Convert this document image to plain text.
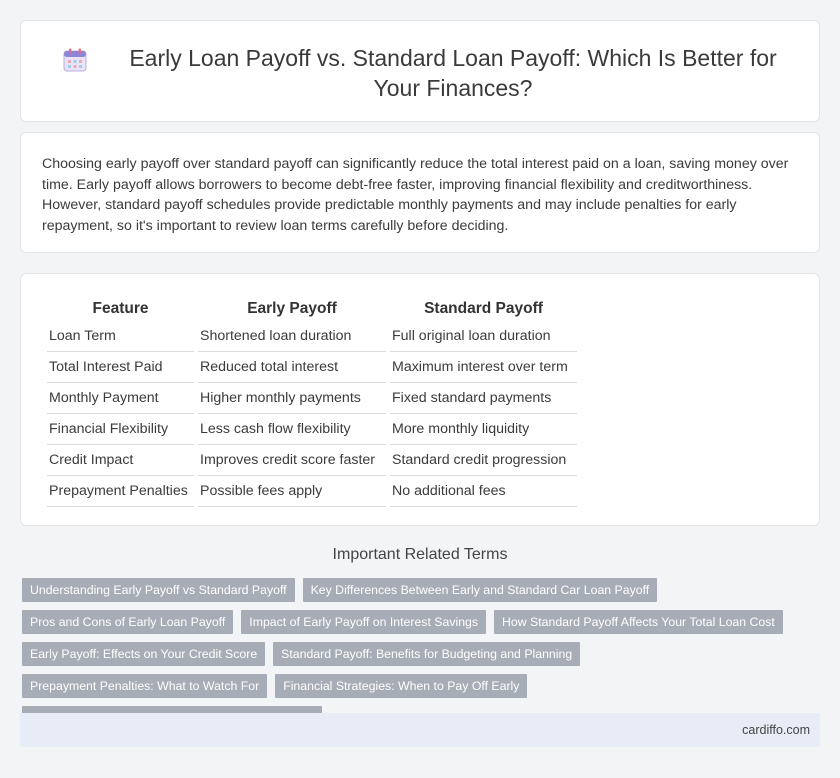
Early Loan Payoff vs. Standard Loan Payoff: Which Is Better for Your Finances?

Choosing early payoff over standard payoff can significantly reduce the total interest paid on a loan, saving money over time. Early payoff allows borrowers to become debt-free faster, improving financial flexibility and creditworthiness. However, standard payoff schedules provide predictable monthly payments and may include penalties for early repayment, so it's important to review loan terms carefully before deciding.

Feature	Early Payoff	Standard Payoff
Loan Term	Shortened loan duration	Full original loan duration
Total Interest Paid	Reduced total interest	Maximum interest over term
Monthly Payment	Higher monthly payments	Fixed standard payments
Financial Flexibility	Less cash flow flexibility	More monthly liquidity
Credit Impact	Improves credit score faster	Standard credit progression
Prepayment Penalties	Possible fees apply	No additional fees
Important Related Terms
Understanding Early Payoff vs Standard Payoff	Key Differences Between Early and Standard Car Loan Payoff
Pros and Cons of Early Loan Payoff	Impact of Early Payoff on Interest Savings	How Standard Payoff Affects Your Total Loan Cost
Early Payoff: Effects on Your Credit Score	Standard Payoff: Benefits for Budgeting and Planning
Prepayment Penalties: What to Watch For	Financial Strategies: When to Pay Off Early
cardiffo.com
